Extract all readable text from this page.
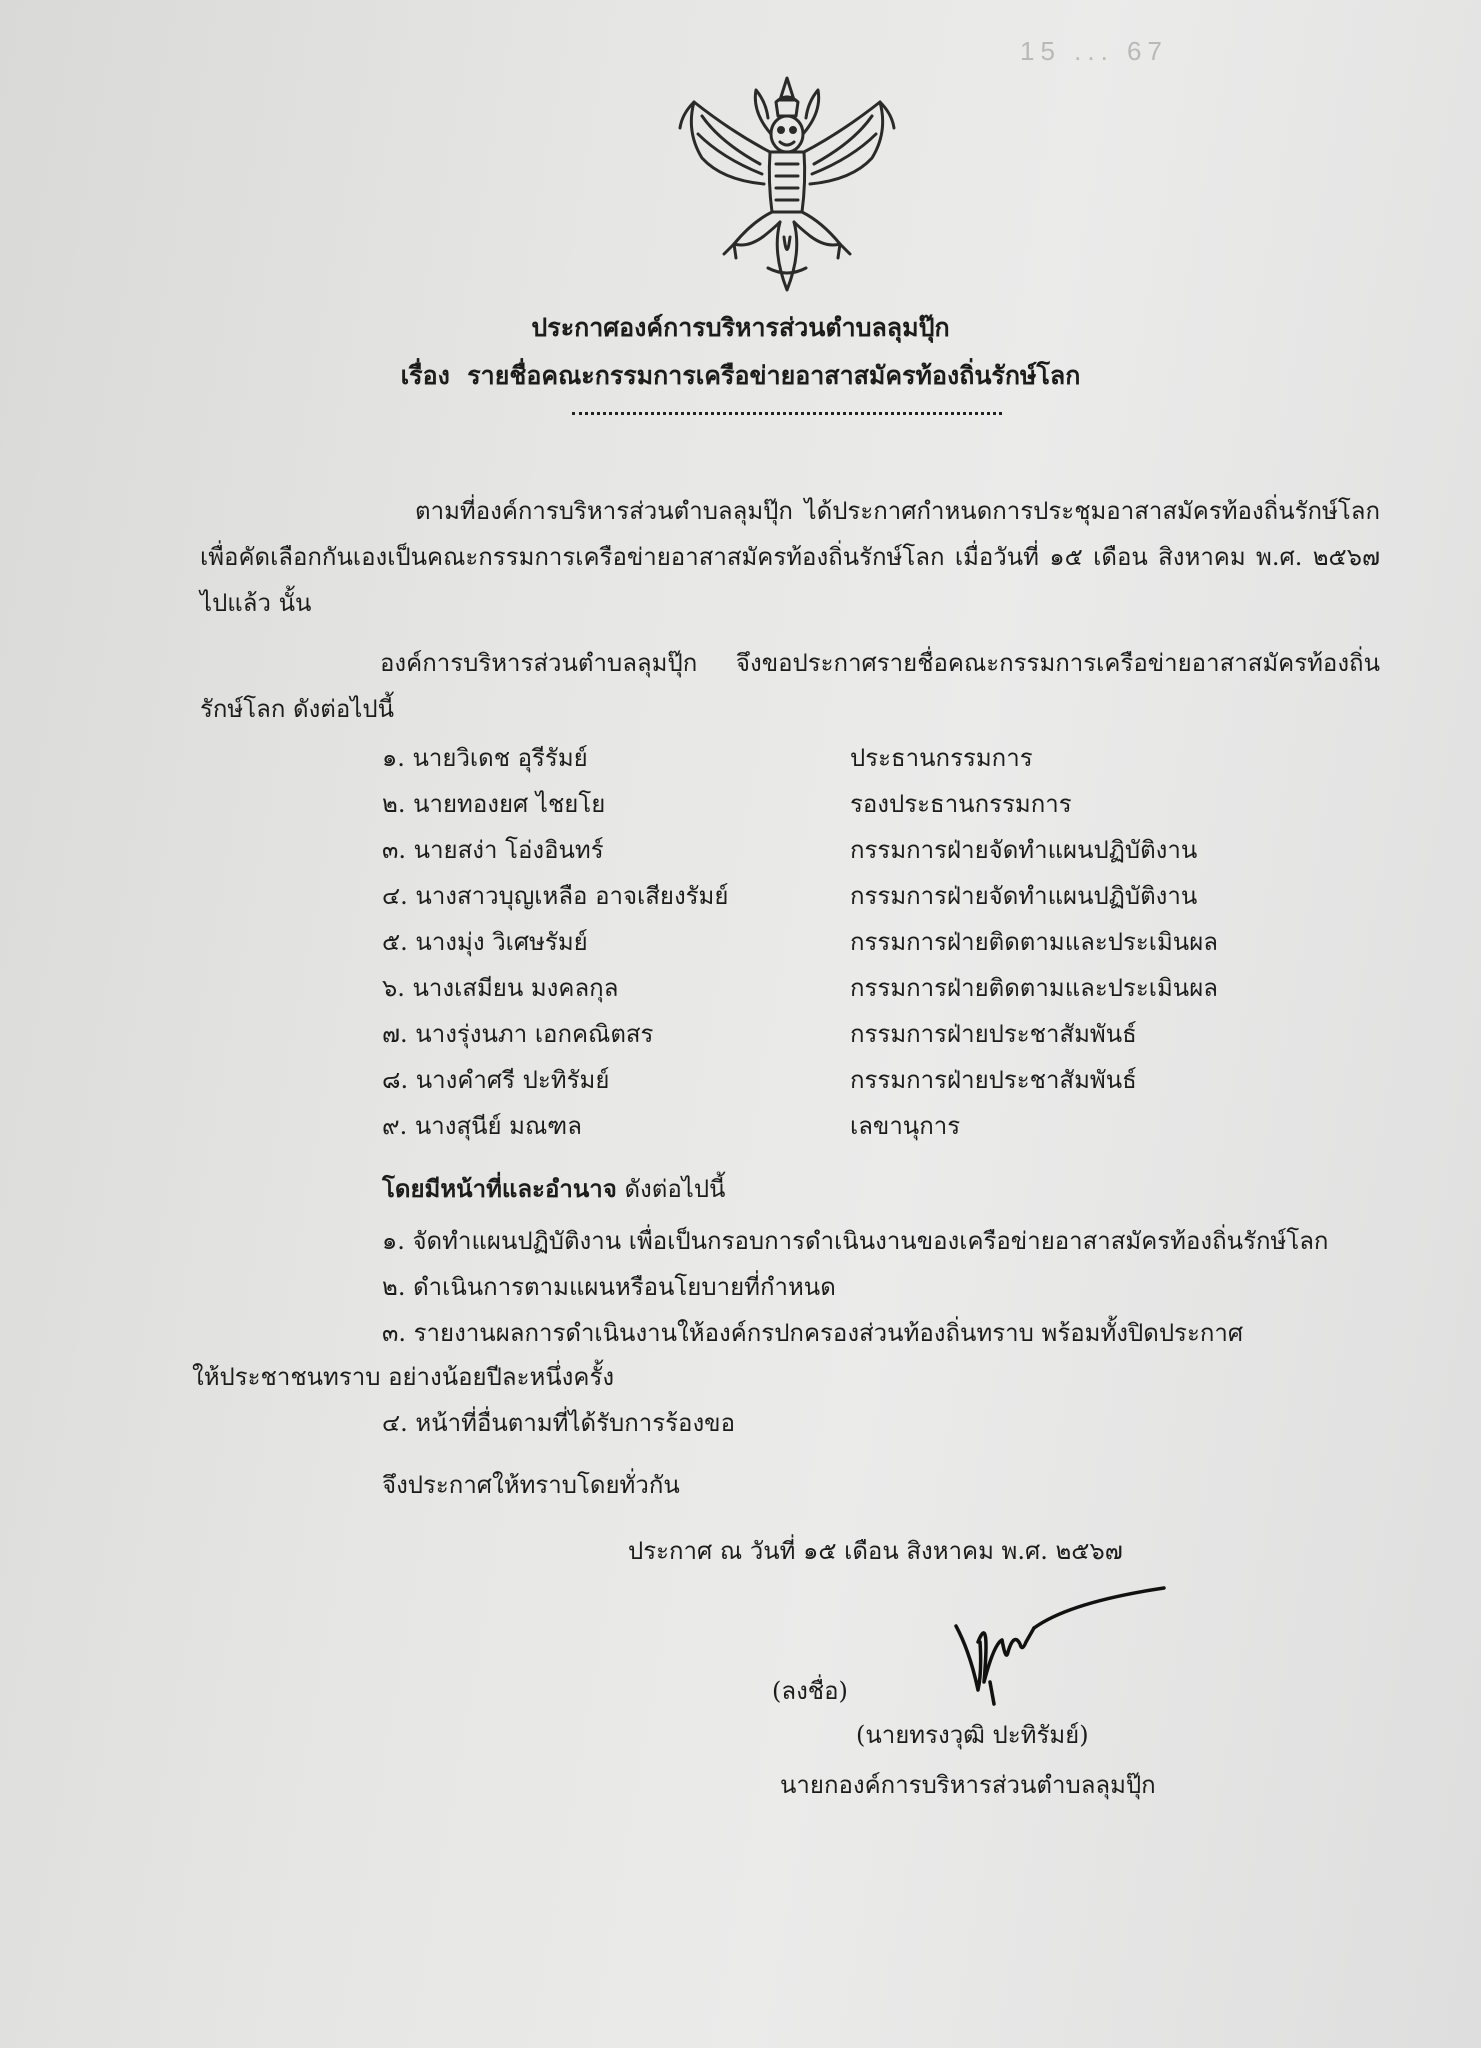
15 ... 67
ประกาศองค์การบริหารส่วนตำบลลุมปุ๊ก
เรื่อง รายชื่อคณะกรรมการเครือข่ายอาสาสมัครท้องถิ่นรักษ์โลก
ตามที่องค์การบริหารส่วนตำบลลุมปุ๊ก ได้ประกาศกำหนดการประชุมอาสาสมัครท้องถิ่นรักษ์โลก เพื่อคัดเลือกกันเองเป็นคณะกรรมการเครือข่ายอาสาสมัครท้องถิ่นรักษ์โลก เมื่อวันที่ ๑๕ เดือน สิงหาคม พ.ศ. ๒๕๖๗ ไปแล้ว นั้น
องค์การบริหารส่วนตำบลลุมปุ๊ก จึงขอประกาศรายชื่อคณะกรรมการเครือข่ายอาสาสมัครท้องถิ่นรักษ์โลก ดังต่อไปนี้
๑. นายวิเดช อุรีรัมย์	ประธานกรรมการ
๒. นายทองยศ ไชยโย	รองประธานกรรมการ
๓. นายสง่า โอ่งอินทร์	กรรมการฝ่ายจัดทำแผนปฏิบัติงาน
๔. นางสาวบุญเหลือ อาจเสียงรัมย์	กรรมการฝ่ายจัดทำแผนปฏิบัติงาน
๕. นางมุ่ง วิเศษรัมย์	กรรมการฝ่ายติดตามและประเมินผล
๖. นางเสมียน มงคลกุล	กรรมการฝ่ายติดตามและประเมินผล
๗. นางรุ่งนภา เอกคณิตสร	กรรมการฝ่ายประชาสัมพันธ์
๘. นางคำศรี ปะทิรัมย์	กรรมการฝ่ายประชาสัมพันธ์
๙. นางสุนีย์ มณฑล	เลขานุการ
โดยมีหน้าที่และอำนาจ ดังต่อไปนี้
๑. จัดทำแผนปฏิบัติงาน เพื่อเป็นกรอบการดำเนินงานของเครือข่ายอาสาสมัครท้องถิ่นรักษ์โลก
๒. ดำเนินการตามแผนหรือนโยบายที่กำหนด
๓. รายงานผลการดำเนินงานให้องค์กรปกครองส่วนท้องถิ่นทราบ พร้อมทั้งปิดประกาศ
ให้ประชาชนทราบ อย่างน้อยปีละหนึ่งครั้ง
๔. หน้าที่อื่นตามที่ได้รับการร้องขอ
จึงประกาศให้ทราบโดยทั่วกัน
ประกาศ ณ วันที่ ๑๕ เดือน สิงหาคม พ.ศ. ๒๕๖๗
(ลงชื่อ)
(นายทรงวุฒิ ปะทิรัมย์)
นายกองค์การบริหารส่วนตำบลลุมปุ๊ก
